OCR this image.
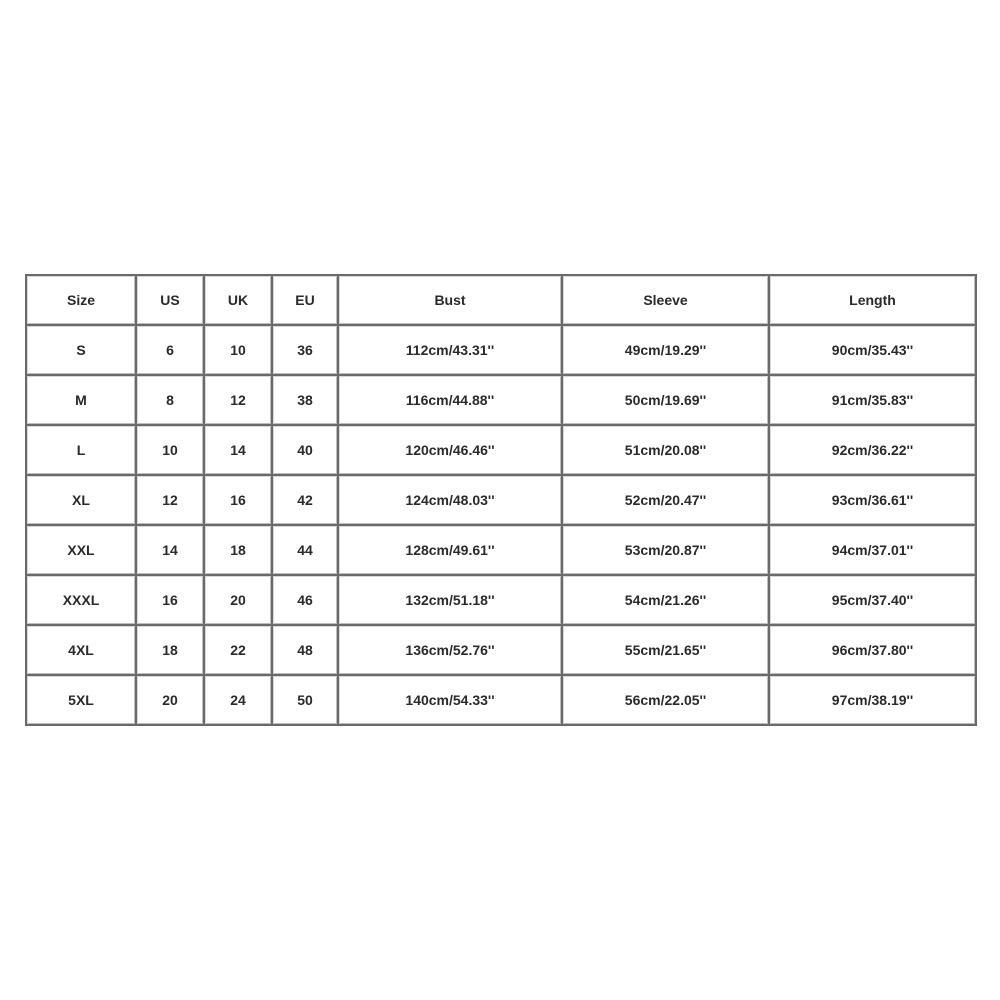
Size	US	UK	EU	Bust	Sleeve	Length
S	6	10	36	112cm/43.31''	49cm/19.29''	90cm/35.43''
M	8	12	38	116cm/44.88''	50cm/19.69''	91cm/35.83''
L	10	14	40	120cm/46.46''	51cm/20.08''	92cm/36.22''
XL	12	16	42	124cm/48.03''	52cm/20.47''	93cm/36.61''
XXL	14	18	44	128cm/49.61''	53cm/20.87''	94cm/37.01''
XXXL	16	20	46	132cm/51.18''	54cm/21.26''	95cm/37.40''
4XL	18	22	48	136cm/52.76''	55cm/21.65''	96cm/37.80''
5XL	20	24	50	140cm/54.33''	56cm/22.05''	97cm/38.19''
